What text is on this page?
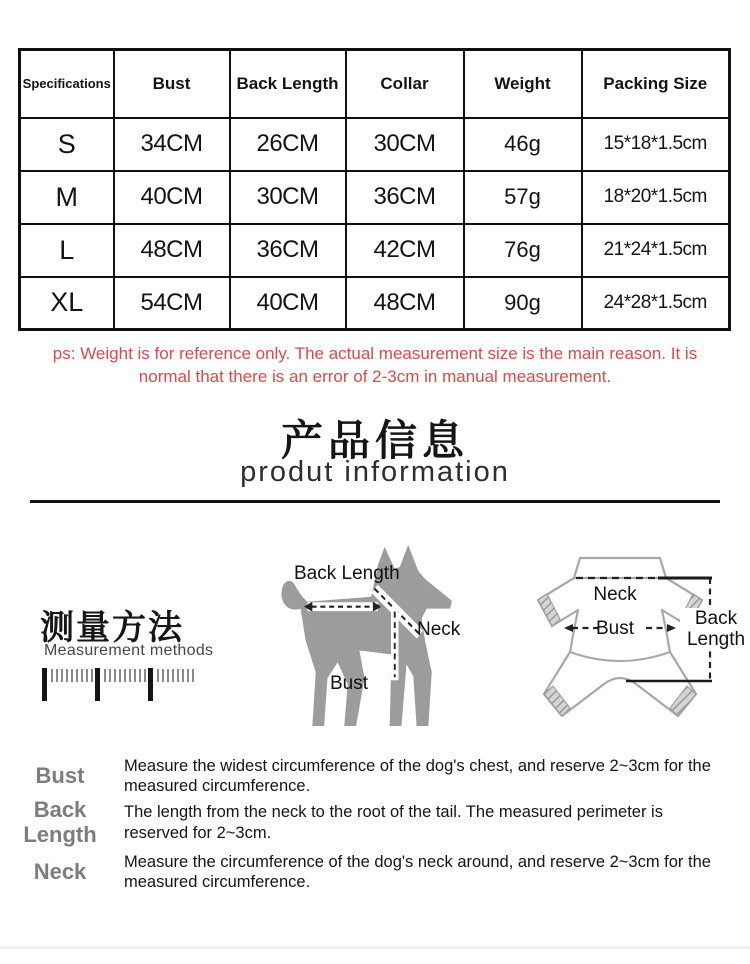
Specifications	Bust	Back Length	Collar	Weight	Packing Size
S	34CM	26CM	30CM	46g	15*18*1.5cm
M	40CM	30CM	36CM	57g	18*20*1.5cm
L	48CM	36CM	42CM	76g	21*24*1.5cm
XL	54CM	40CM	48CM	90g	24*28*1.5cm
ps: Weight is for reference only. The actual measurement size is the main reason. It is normal that there is an error of 2-3cm in manual measurement.
产品信息
produt information
测量方法
Measurement methods
Back Length
Neck
Bust
Neck
Bust	Back Length
Bust	Measure the widest circumference of the dog's chest, and reserve 2~3cm for the measured circumference.
Back Length
The length from the neck to the root of the tail. The measured perimeter is reserved for 2~3cm.
Neck	Measure the circumference of the dog's neck around, and reserve 2~3cm for the measured circumference.
